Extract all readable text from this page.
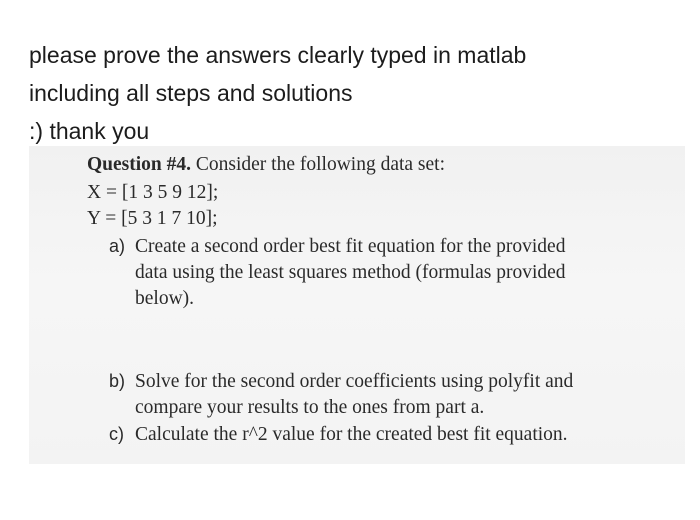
please prove the answers clearly typed in matlab
including all steps and solutions
:) thank you
Question #4. Consider the following data set:
X = [1 3 5 9 12];
Y = [5 3 1 7 10];
a) Create a second order best fit equation for the provided
data using the least squares method (formulas provided
below).
b) Solve for the second order coefficients using polyfit and
compare your results to the ones from part a.
c) Calculate the r^2 value for the created best fit equation.
